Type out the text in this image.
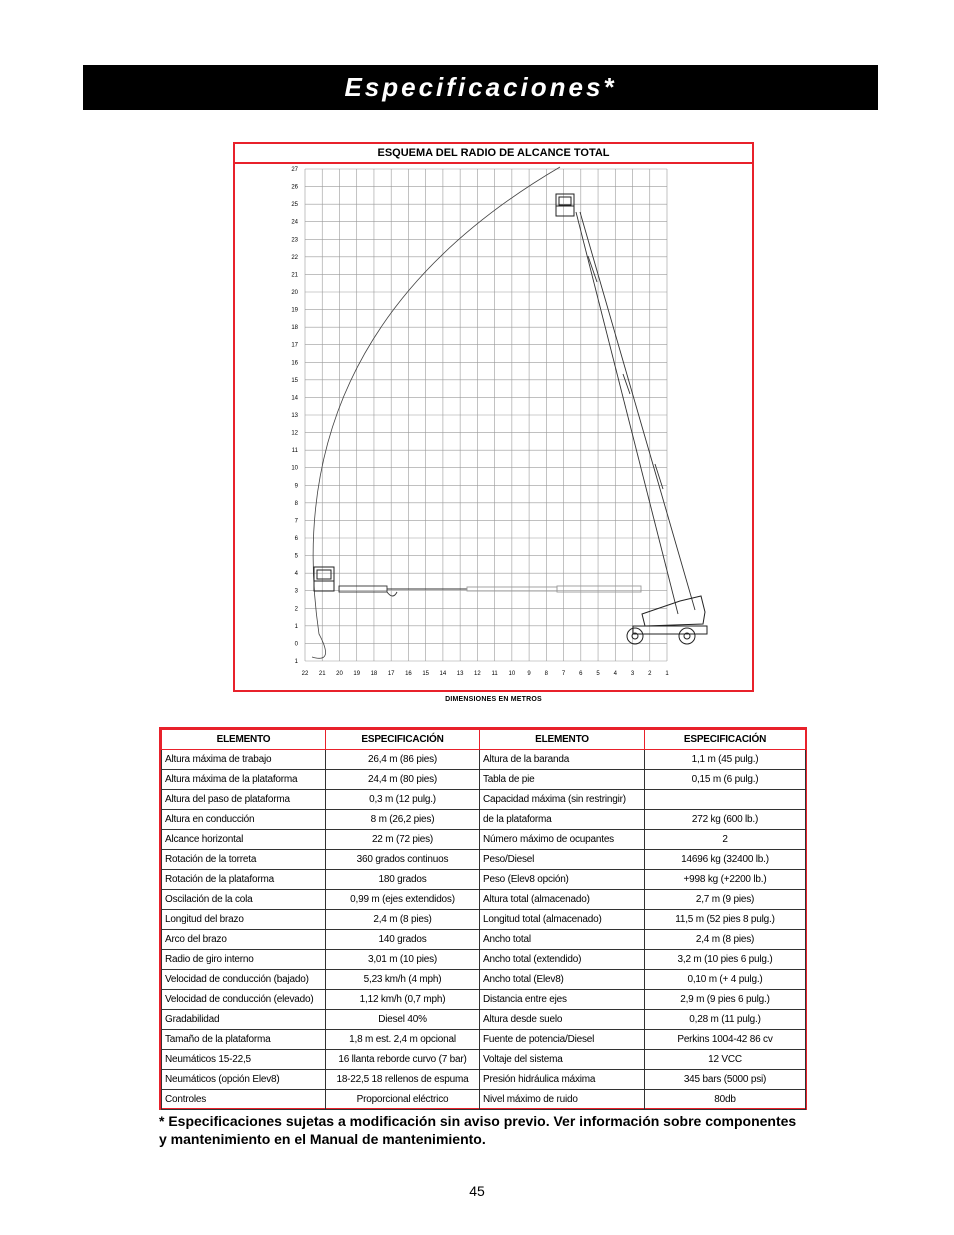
Especificaciones*
ESQUEMA DEL RADIO DE ALCANCE TOTAL
27
26
25
24
23
22
21
20
19
18
17
16
15
14
13
12
11
10
9
8
7
6
5
4
3
2
1
0
1
22 21 20 19 18 17 16 15 14 13 12 11 10 9 8 7 6 5 4 3 2 1
DIMENSIONES EN METROS
ELEMENTO	ESPECIFICACIÓN	ELEMENTO	ESPECIFICACIÓN
Altura máxima de trabajo	26,4 m (86 pies)	Altura de la baranda	1,1 m (45 pulg.)
Altura máxima de la plataforma	24,4 m (80 pies)	Tabla de pie	0,15 m (6 pulg.)
Altura del paso de plataforma	0,3 m (12 pulg.)	Capacidad máxima (sin restringir)	
Altura en conducción	8 m (26,2 pies)	de la plataforma	272 kg (600 lb.)
Alcance horizontal	22 m (72 pies)	Número máximo de ocupantes	2
Rotación de la torreta	360 grados continuos	Peso/Diesel	14696 kg (32400 lb.)
Rotación de la plataforma	180 grados	Peso (Elev8 opción)	+998 kg (+2200 lb.)
Oscilación de la cola	0,99 m (ejes extendidos)	Altura total (almacenado)	2,7 m (9 pies)
Longitud del brazo	2,4 m (8 pies)	Longitud total (almacenado)	11,5 m (52 pies 8 pulg.)
Arco del brazo	140 grados	Ancho total	2,4 m (8 pies)
Radio de giro interno	3,01 m (10 pies)	Ancho total (extendido)	3,2 m (10 pies 6 pulg.)
Velocidad de conducción (bajado)	5,23 km/h (4 mph)	Ancho total (Elev8)	0,10 m (+ 4 pulg.)
Velocidad de conducción (elevado)	1,12 km/h (0,7 mph)	Distancia entre ejes	2,9 m (9 pies 6 pulg.)
Gradabilidad	Diesel 40%	Altura desde suelo	0,28 m (11 pulg.)
Tamaño de la plataforma	1,8 m est. 2,4 m opcional	Fuente de potencia/Diesel	Perkins 1004-42 86 cv
Neumáticos 15-22,5	16 llanta reborde curvo (7 bar)	Voltaje del sistema	12 VCC
Neumáticos (opción Elev8)	18-22,5 18 rellenos de espuma	Presión hidráulica máxima	345 bars (5000 psi)
Controles	Proporcional eléctrico	Nivel máximo de ruido	80db
* Especificaciones sujetas a modificación sin aviso previo. Ver información sobre componentes y mantenimiento en el Manual de mantenimiento.
45
